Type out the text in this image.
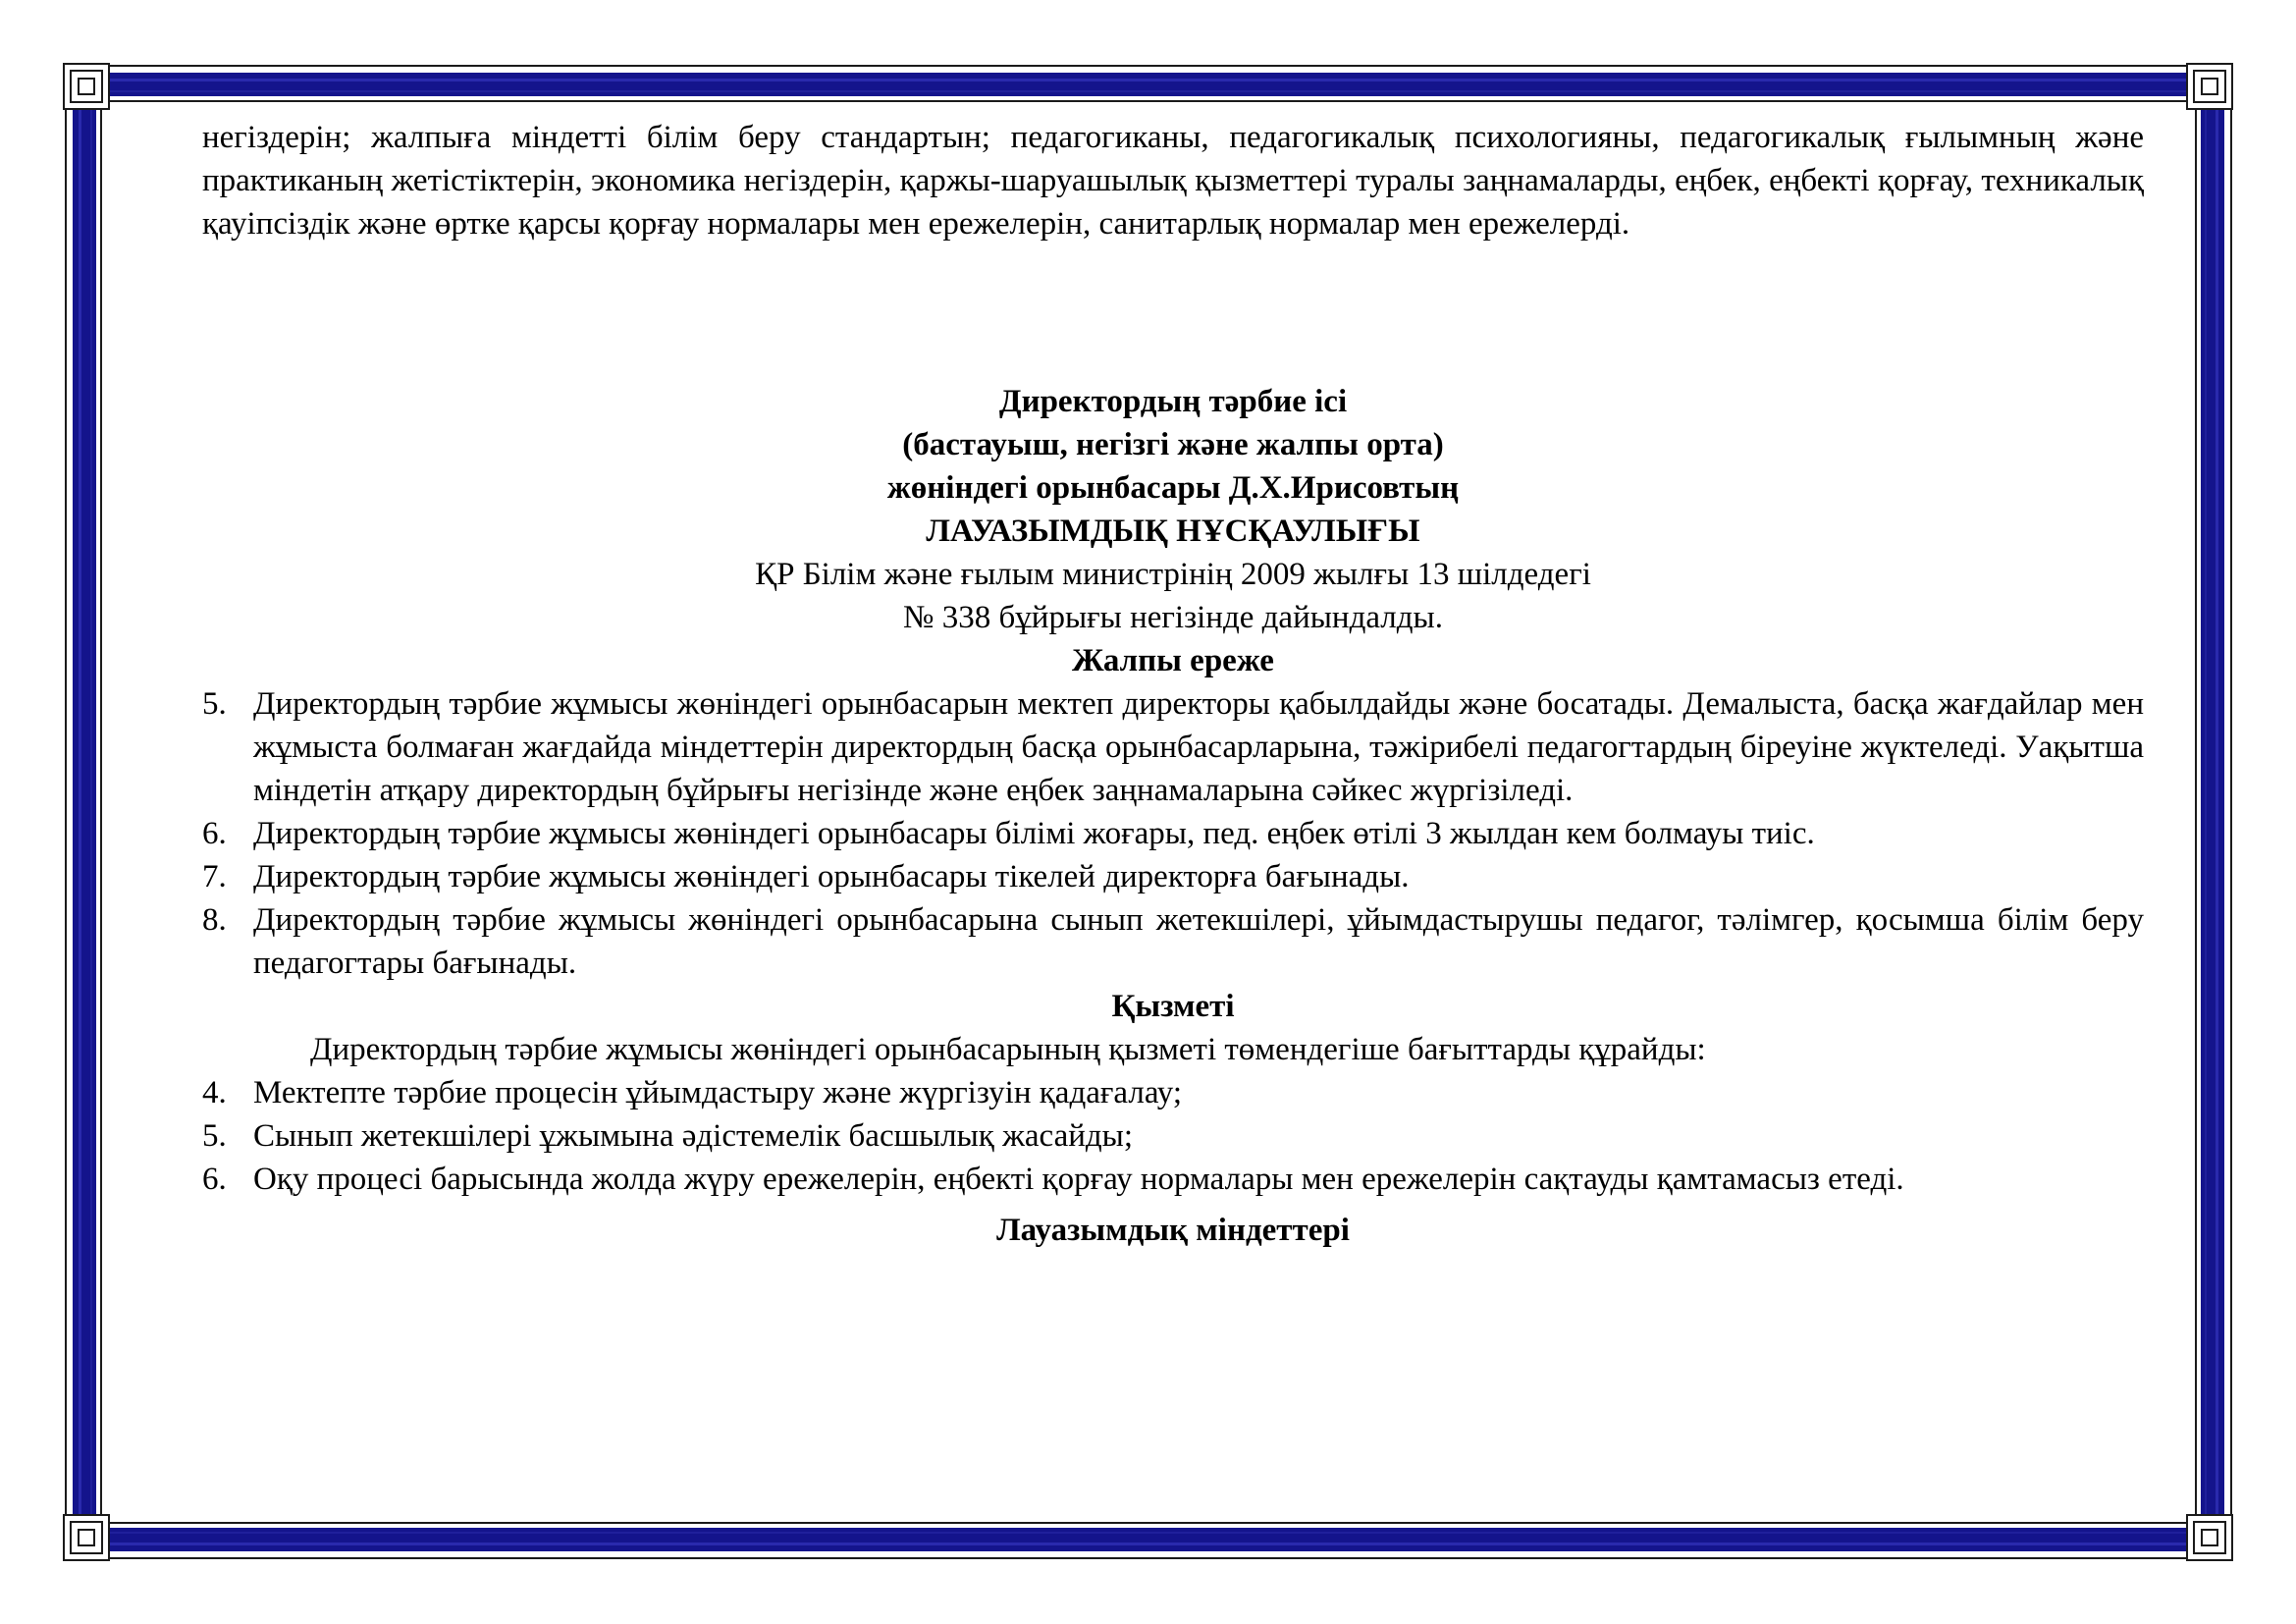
негіздерін; жалпыға міндетті білім беру стандартын; педагогиканы, педагогикалық психологияны, педагогикалық ғылымның және практиканың жетістіктерін, экономика негіздерін, қаржы-шаруашылық қызметтері туралы заңнамаларды, еңбек, еңбекті қорғау, техникалық қауіпсіздік және өртке қарсы қорғау нормалары мен ережелерін, санитарлық нормалар мен ережелерді.

Директордың тәрбие ісі

(бастауыш, негізгі және жалпы орта)

жөніндегі орынбасары Д.Х.Ирисовтың

ЛАУАЗЫМДЫҚ НҰСҚАУЛЫҒЫ

ҚР Білім және ғылым министрінің 2009 жылғы 13 шілдедегі

№ 338 бұйрығы негізінде дайындалды.

Жалпы ереже

5. Директордың тәрбие жұмысы жөніндегі орынбасарын мектеп директоры қабылдайды және босатады. Демалыста, басқа жағдайлар мен жұмыста болмаған жағдайда міндеттерін директордың басқа орынбасарларына, тәжірибелі педагогтардың біреуіне жүктеледі. Уақытша міндетін атқару директордың бұйрығы негізінде және еңбек заңнамаларына сәйкес жүргізіледі.
6. Директордың тәрбие жұмысы жөніндегі орынбасары білімі жоғары, пед. еңбек өтілі 3 жылдан кем болмауы тиіс.
7. Директордың тәрбие жұмысы жөніндегі орынбасары тікелей директорға бағынады.
8. Директордың тәрбие жұмысы жөніндегі орынбасарына сынып жетекшілері, ұйымдастырушы педагог, тәлімгер, қосымша білім беру педагогтары бағынады.

Қызметі

Директордың тәрбие жұмысы жөніндегі орынбасарының қызметі төмендегіше бағыттарды құрайды:

4. Мектепте тәрбие процесін ұйымдастыру және жүргізуін қадағалау;
5. Сынып жетекшілері ұжымына әдістемелік басшылық жасайды;
6. Оқу процесі барысында жолда жүру ережелерін, еңбекті қорғау нормалары мен ережелерін сақтауды қамтамасыз етеді.

Лауазымдық міндеттері
